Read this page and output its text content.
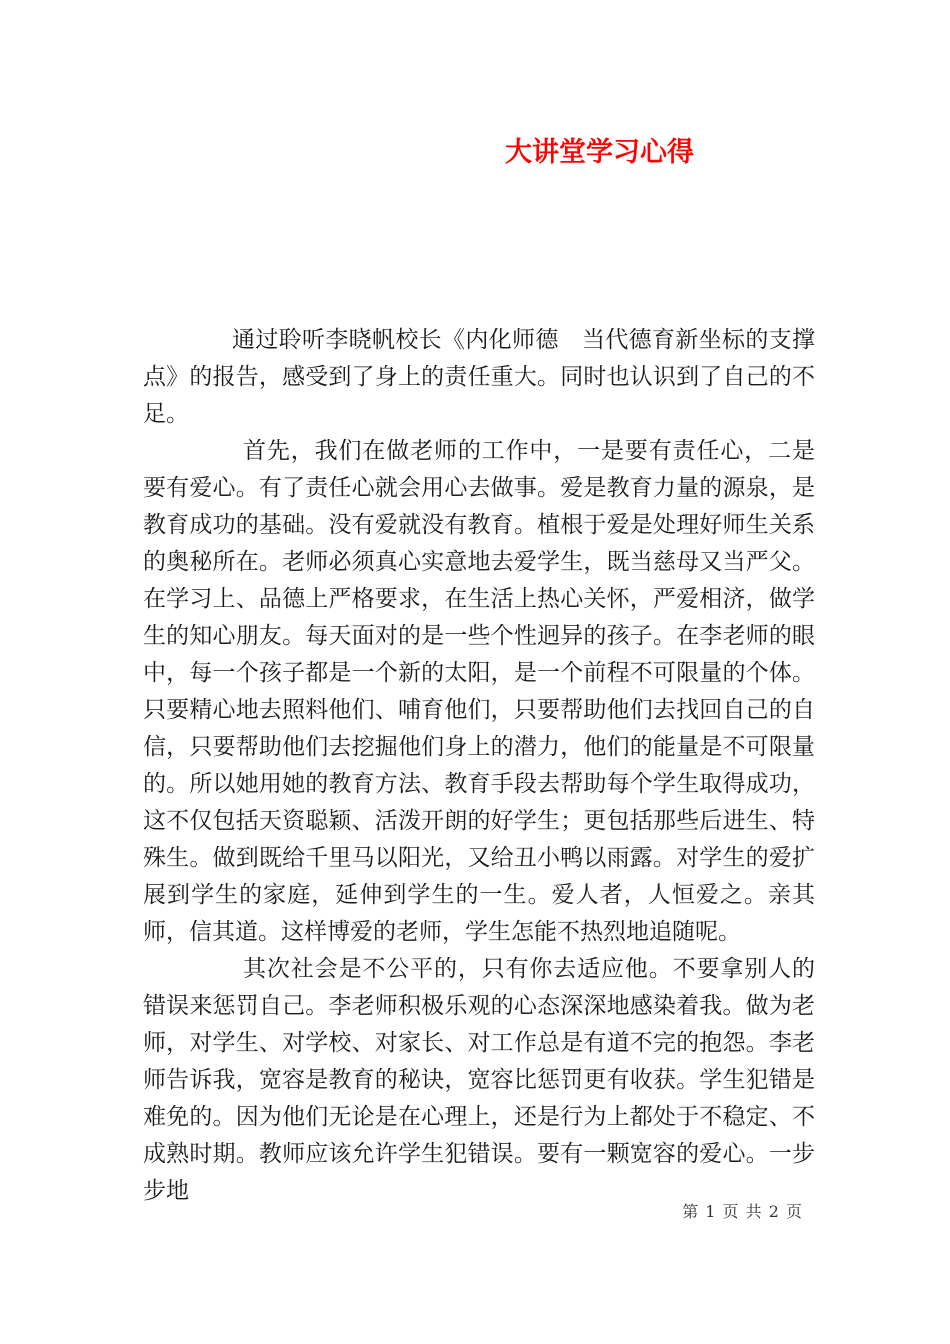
大讲堂学习心得

通过聆听李晓帆校长《内化师德　当代德育新坐标的支撑点》的报告，感受到了身上的责任重大。同时也认识到了自己的不足。

首先，我们在做老师的工作中，一是要有责任心，二是要有爱心。有了责任心就会用心去做事。爱是教育力量的源泉，是教育成功的基础。没有爱就没有教育。植根于爱是处理好师生关系的奥秘所在。老师必须真心实意地去爱学生，既当慈母又当严父。在学习上、品德上严格要求，在生活上热心关怀，严爱相济，做学生的知心朋友。每天面对的是一些个性迥异的孩子。在李老师的眼中，每一个孩子都是一个新的太阳，是一个前程不可限量的个体。只要精心地去照料他们、哺育他们，只要帮助他们去找回自己的自信，只要帮助他们去挖掘他们身上的潜力，他们的能量是不可限量的。所以她用她的教育方法、教育手段去帮助每个学生取得成功，这不仅包括天资聪颖、活泼开朗的好学生；更包括那些后进生、特殊生。做到既给千里马以阳光，又给丑小鸭以雨露。对学生的爱扩展到学生的家庭，延伸到学生的一生。爱人者，人恒爱之。亲其师，信其道。这样博爱的老师，学生怎能不热烈地追随呢。

其次社会是不公平的，只有你去适应他。不要拿别人的错误来惩罚自己。李老师积极乐观的心态深深地感染着我。做为老师，对学生、对学校、对家长、对工作总是有道不完的抱怨。李老师告诉我，宽容是教育的秘诀，宽容比惩罚更有收获。学生犯错是难免的。因为他们无论是在心理上，还是行为上都处于不稳定、不成熟时期。教师应该允许学生犯错误。要有一颗宽容的爱心。一步步地

第 1 页 共 2 页
